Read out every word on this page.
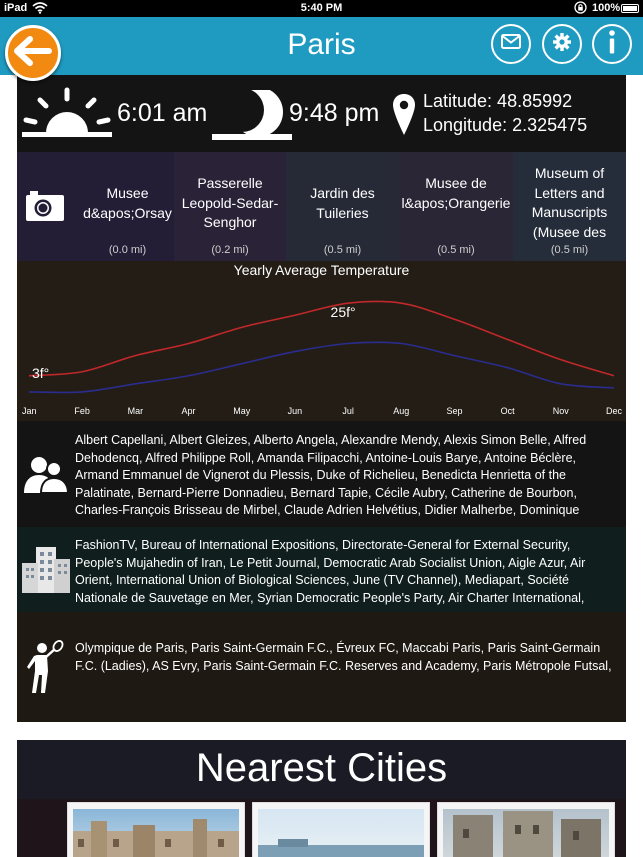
iPad	5:40 PM	100%
Paris
6:01 am	9:48 pm Latitude: 48.85992
Longitude: 2.325475
Musee d&apos;Orsay
(0.0 mi)
Passerelle Leopold-Sedar-Senghor
(0.2 mi)
Jardin des Tuileries
(0.5 mi)
Musee de l&apos;Orangerie
(0.5 mi)
Museum of Letters and Manuscripts (Musee des
(0.5 mi)
Yearly Average Temperature
25f°
3f°
Jan	Feb	Mar	Apr	May	Jun	Jul	Aug	Sep	Oct	Nov	Dec
Albert Capellani, Albert Gleizes, Alberto Angela, Alexandre Mendy, Alexis Simon Belle, Alfred Dehodencq, Alfred Philippe Roll, Amanda Filipacchi, Antoine-Louis Barye, Antoine Béclère, Armand Emmanuel de Vignerot du Plessis, Duke of Richelieu, Benedicta Henrietta of the Palatinate, Bernard-Pierre Donnadieu, Bernard Tapie, Cécile Aubry, Catherine de Bourbon, Charles-François Brisseau de Mirbel, Claude Adrien Helvétius, Didier Malherbe, Dominique
FashionTV, Bureau of International Expositions, Directorate-General for External Security, People's Mujahedin of Iran, Le Petit Journal, Democratic Arab Socialist Union, Aigle Azur, Air Orient, International Union of Biological Sciences, June (TV Channel), Mediapart, Société Nationale de Sauvetage en Mer, Syrian Democratic People's Party, Air Charter International,
Olympique de Paris, Paris Saint-Germain F.C., Évreux FC, Maccabi Paris, Paris Saint-Germain F.C. (Ladies), AS Evry, Paris Saint-Germain F.C. Reserves and Academy, Paris Métropole Futsal,
Nearest Cities
